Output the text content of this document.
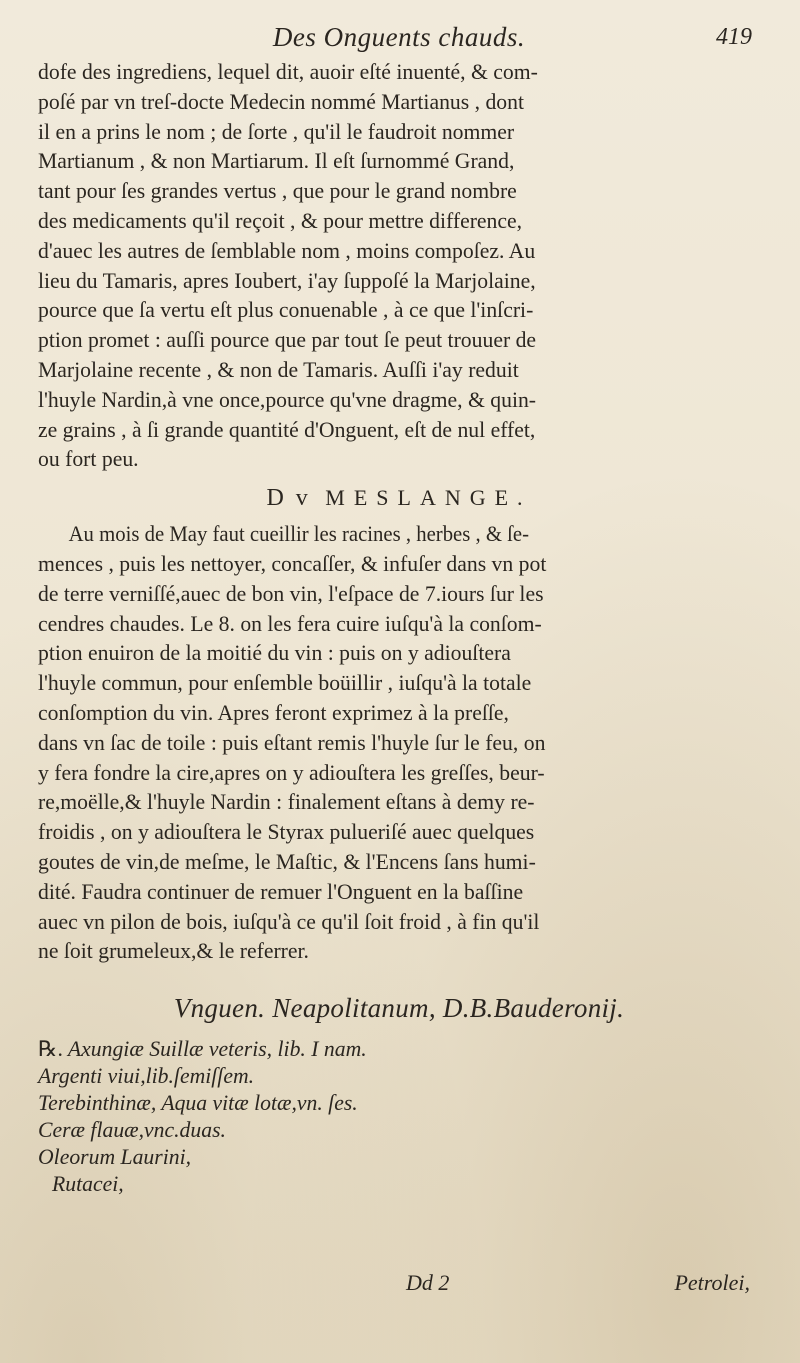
Des Onguents chauds.	419

dofe des ingrediens, lequel dit, auoir eſté inuenté, & com-
poſé par vn treſ-docte Medecin nommé Martianus , dont
il en a prins le nom ; de ſorte , qu'il le faudroit nommer
Martianum , & non Martiarum. Il eſt ſurnommé Grand,
tant pour ſes grandes vertus , que pour le grand nombre
des medicaments qu'il reçoit , & pour mettre difference,
d'auec les autres de ſemblable nom , moins compoſez. Au
lieu du Tamaris, apres Ioubert, i'ay ſuppoſé la Marjolaine,
pource que ſa vertu eſt plus conuenable , à ce que l'inſcri-
ption promet : auſſi pource que par tout ſe peut trouuer de
Marjolaine recente , & non de Tamaris. Auſſi i'ay reduit
l'huyle Nardin,à vne once,pource qu'vne dragme, & quin-
ze grains , à ſi grande quantité d'Onguent, eſt de nul effet,
ou fort peu.

D v MESLANGE.

Au mois de May faut cueillir les racines , herbes , & ſe-
mences , puis les nettoyer, concaſſer, & infuſer dans vn pot
de terre verniſſé,auec de bon vin, l'eſpace de 7.iours ſur les
cendres chaudes. Le 8. on les fera cuire iuſqu'à la conſom-
ption enuiron de la moitié du vin : puis on y adiouſtera
l'huyle commun, pour enſemble boüillir , iuſqu'à la totale
conſomption du vin. Apres feront exprimez à la preſſe,
dans vn ſac de toile : puis eſtant remis l'huyle ſur le feu, on
y fera fondre la cire,apres on y adiouſtera les greſſes, beur-
re,moëlle,& l'huyle Nardin : finalement eſtans à demy re-
froidis , on y adiouſtera le Styrax pulueriſé auec quelques
goutes de vin,de meſme, le Maſtic, & l'Encens ſans humi-
dité. Faudra continuer de remuer l'Onguent en la baſſine
auec vn pilon de bois, iuſqu'à ce qu'il ſoit froid , à fin qu'il
ne ſoit grumeleux,& le referrer.

Vnguen. Neapolitanum, D.B.Bauderonij.
℞. Axungiæ Suillæ veteris, lib. I nam.
Argenti viui,lib.ſemiſſem.
Terebinthinæ, Aqua vitæ lotæ,vn. ſes.
Ceræ flauæ,vnc.duas.
Oleorum Laurini,
Rutacei,
Dd 2	Petrolei,
